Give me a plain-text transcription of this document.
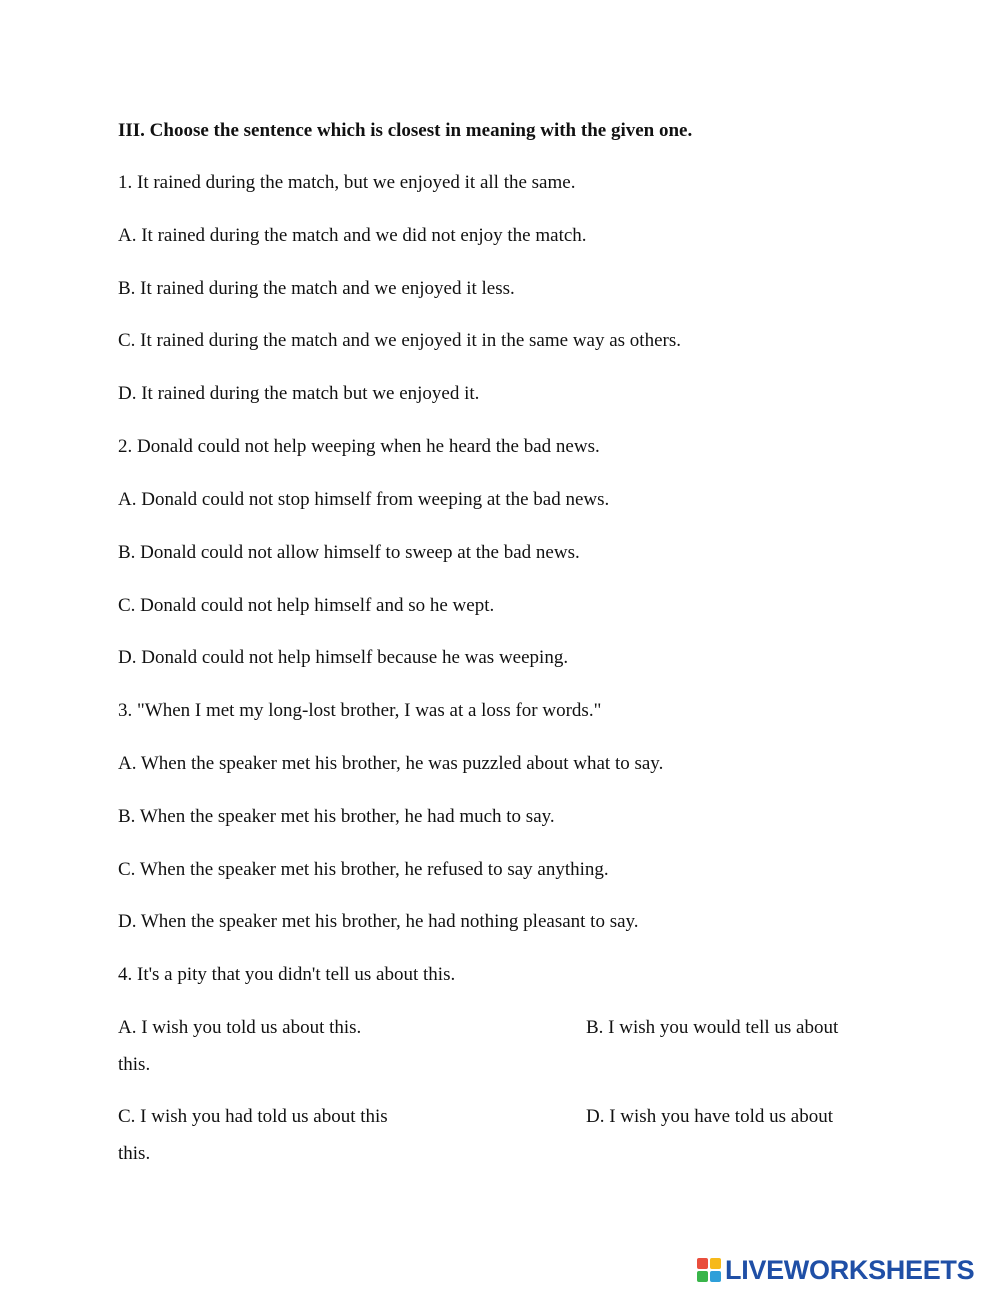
III. Choose the sentence which is closest in meaning with the given one.
1. It rained during the match, but we enjoyed it all the same.
A. It rained during the match and we did not enjoy the match.
B. It rained during the match and we enjoyed it less.
C. It rained during the match and we enjoyed it in the same way as others.
D. It rained during the match but we enjoyed it.
2. Donald could not help weeping when he heard the bad news.
A. Donald could not stop himself from weeping at the bad news.
B. Donald could not allow himself to sweep at the bad news.
C. Donald could not help himself and so he wept.
D. Donald could not help himself because he was weeping.
3. "When I met my long-lost brother, I was at a loss for words."
A. When the speaker met his brother, he was puzzled about what to say.
B. When the speaker met his brother, he had much to say.
C. When the speaker met his brother, he refused to say anything.
D. When the speaker met his brother, he had nothing pleasant to say.
4. It's a pity that you didn't tell us about this.
A. I wish you told us about this.	B. I wish you would tell us about
this.
C. I wish you had told us about this	D. I wish you have told us about
this.
LIVEWORKSHEETS
